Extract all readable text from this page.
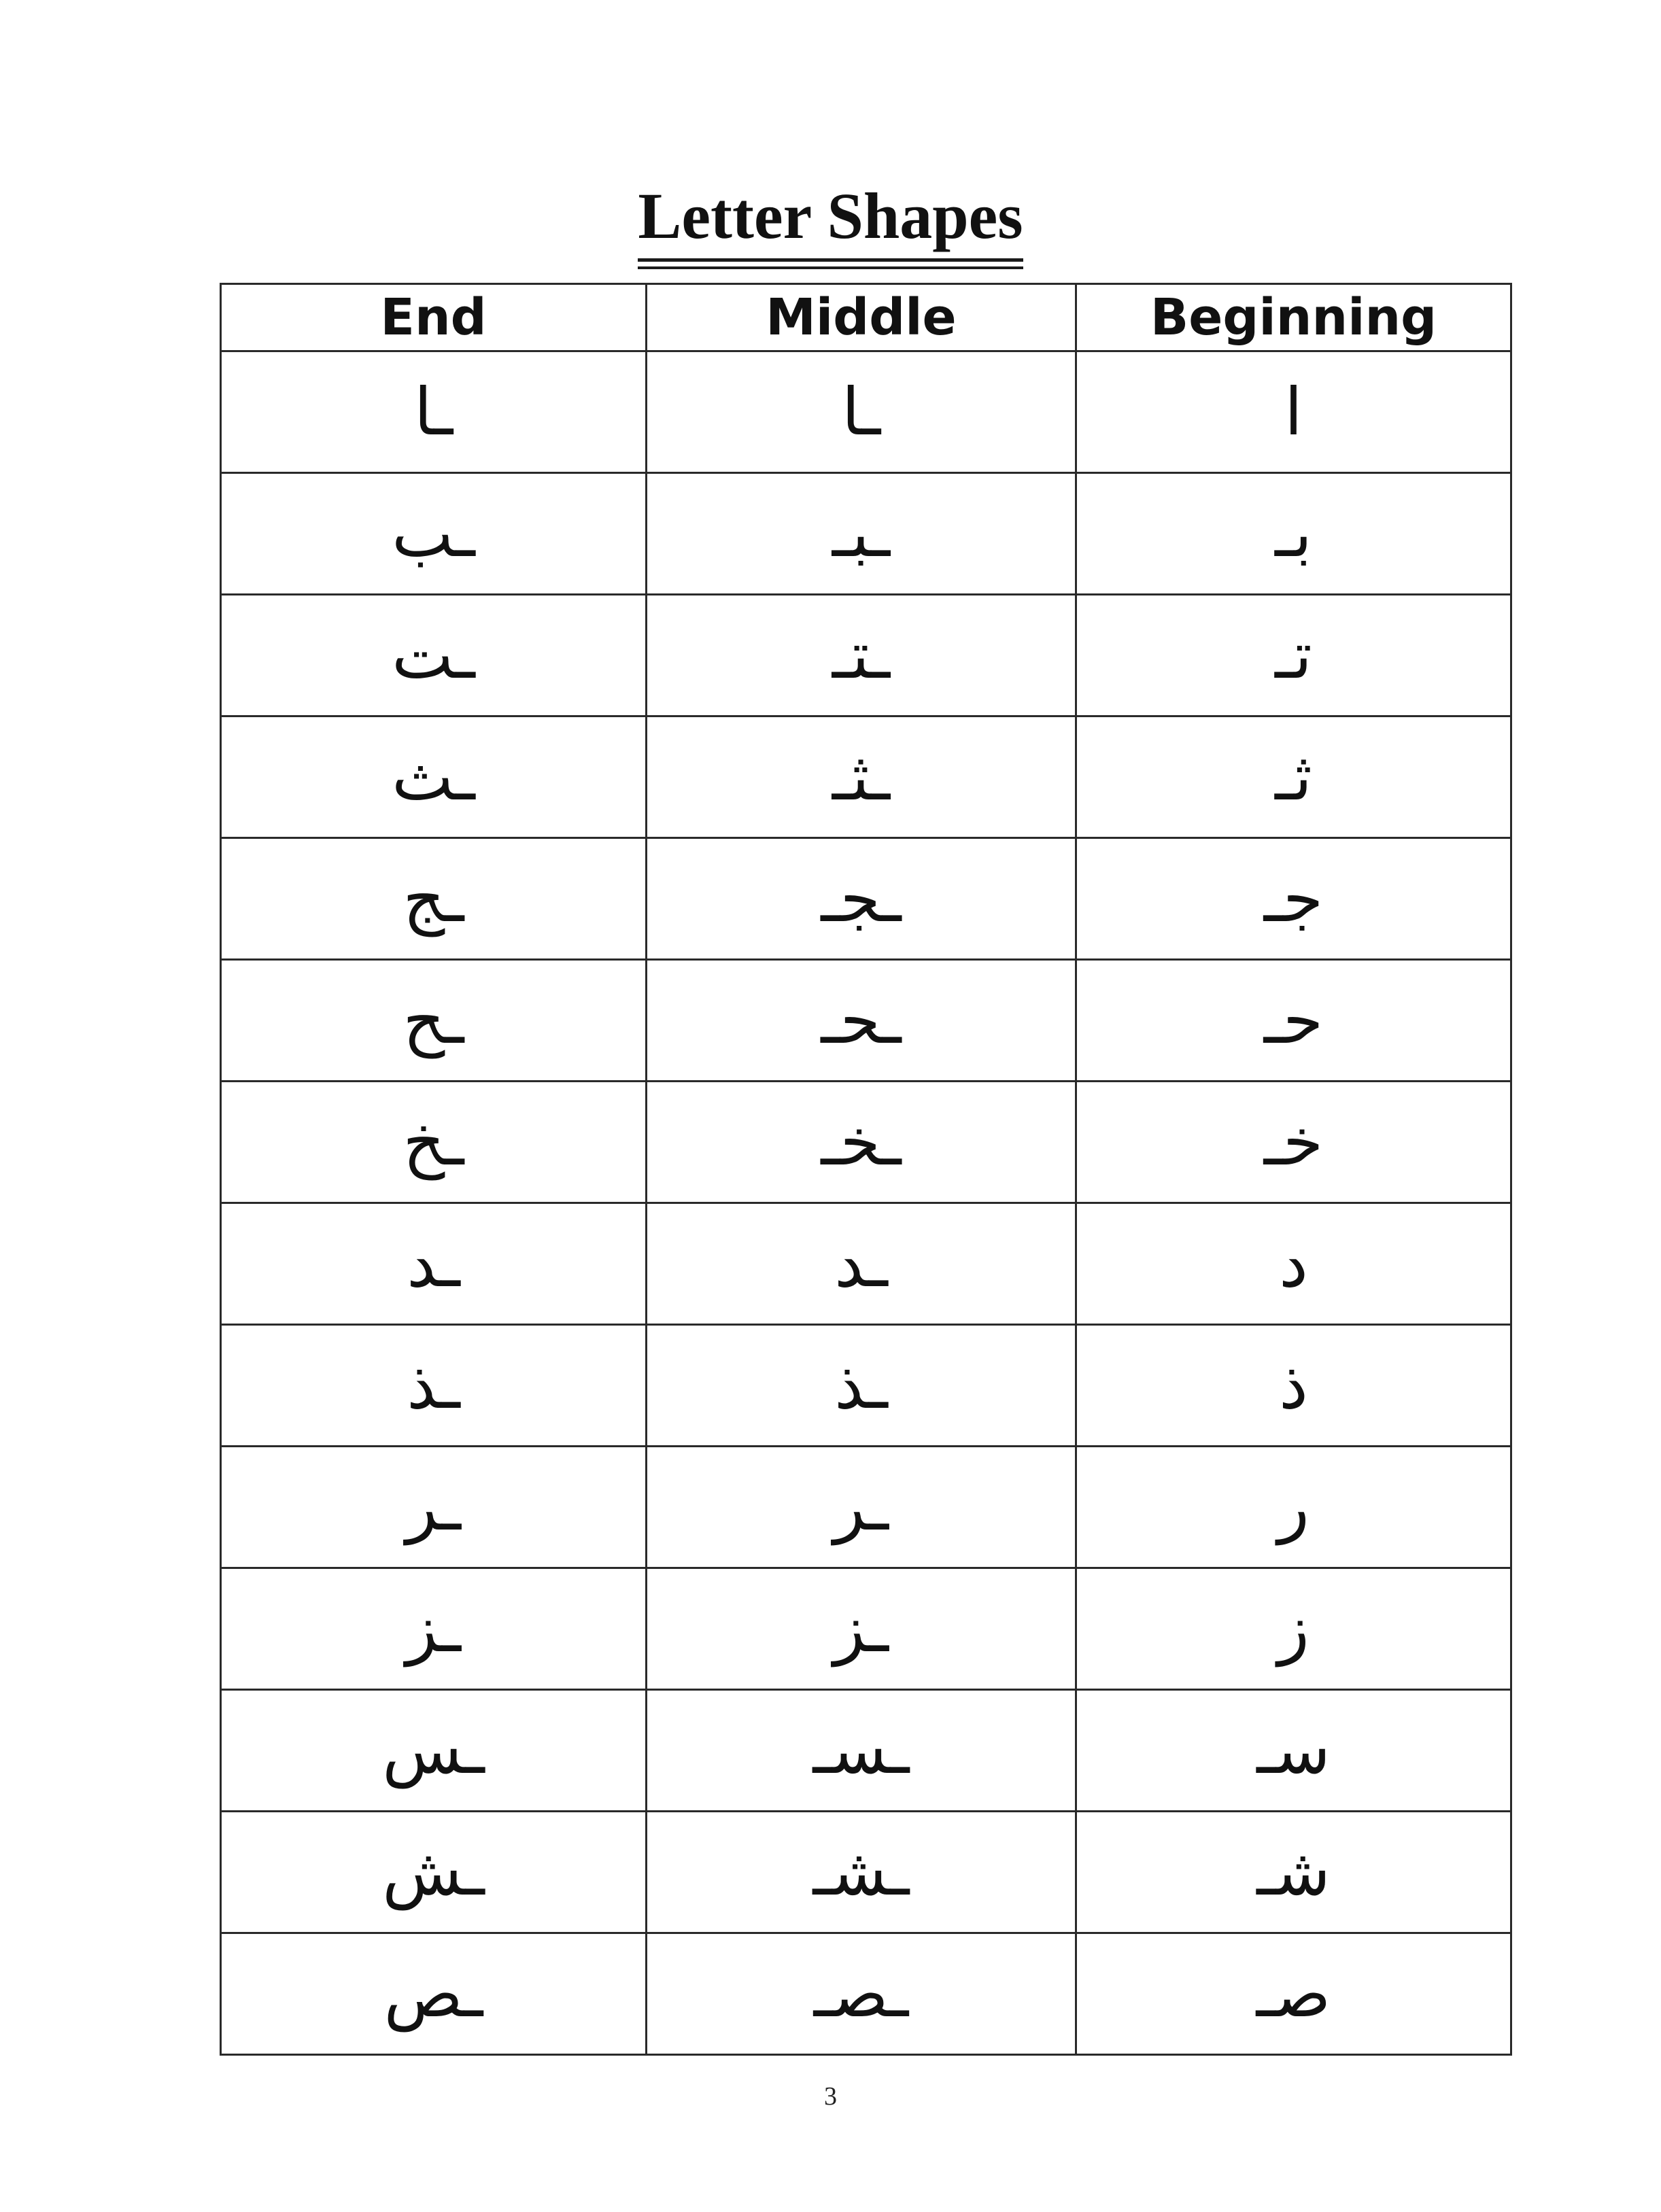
Letter Shapes
End	Middle	Beginning
ـا	ـا	ا
ـب	ـبـ	بـ
ـت	ـتـ	تـ
ـث	ـثـ	ثـ
ـج	ـجـ	جـ
ـح	ـحـ	حـ
ـخ	ـخـ	خـ
ـد	ـد	د
ـذ	ـذ	ذ
ـر	ـر	ر
ـز	ـز	ز
ـس	ـسـ	سـ
ـش	ـشـ	شـ
ـص	ـصـ	صـ
3
